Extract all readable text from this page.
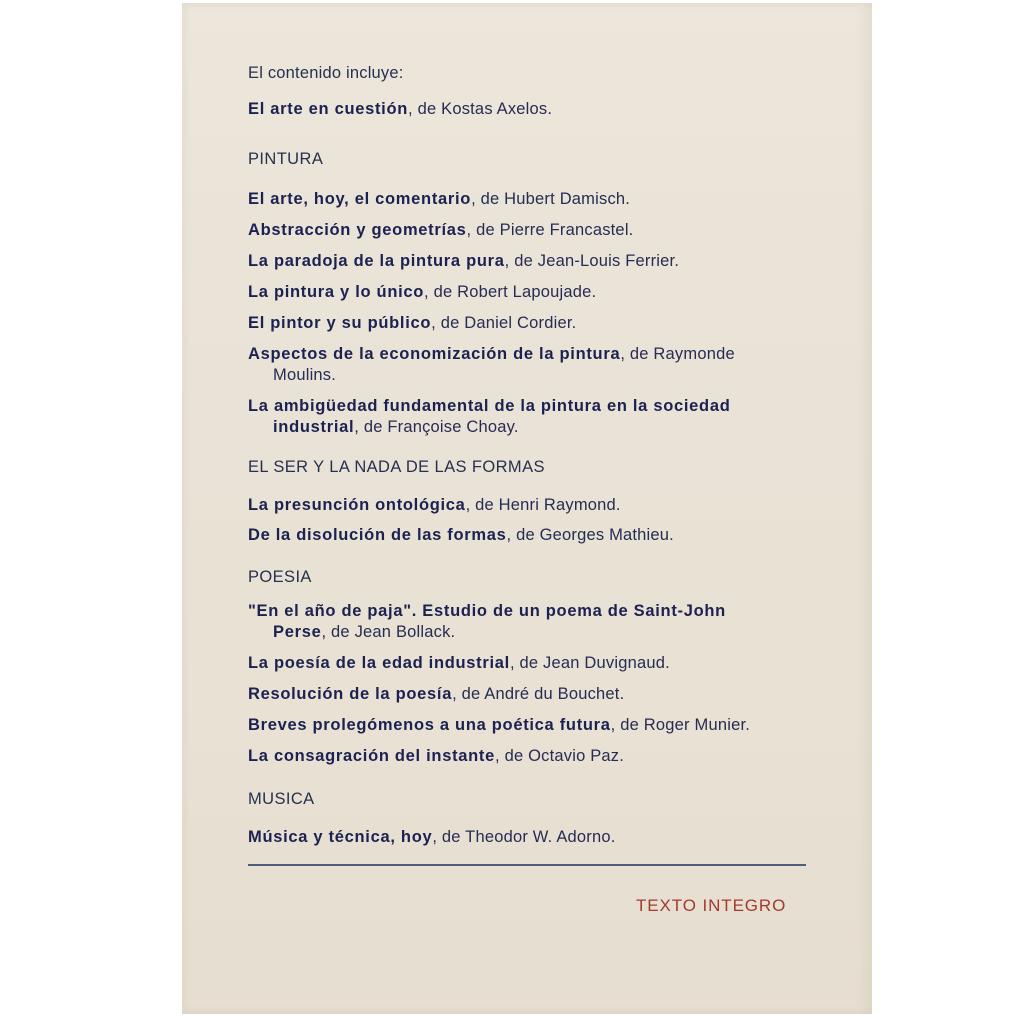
El contenido incluye:
El arte en cuestión, de Kostas Axelos.
PINTURA
El arte, hoy, el comentario, de Hubert Damisch.
Abstracción y geometrías, de Pierre Francastel.
La paradoja de la pintura pura, de Jean-Louis Ferrier.
La pintura y lo único, de Robert Lapoujade.
El pintor y su público, de Daniel Cordier.
Aspectos de la economización de la pintura, de Raymonde
Moulins.
La ambigüedad fundamental de la pintura en la sociedad
industrial, de Françoise Choay.
EL SER Y LA NADA DE LAS FORMAS
La presunción ontológica, de Henri Raymond.
De la disolución de las formas, de Georges Mathieu.
POESIA
"En el año de paja". Estudio de un poema de Saint-John
Perse, de Jean Bollack.
La poesía de la edad industrial, de Jean Duvignaud.
Resolución de la poesía, de André du Bouchet.
Breves prolegómenos a una poética futura, de Roger Munier.
La consagración del instante, de Octavio Paz.
MUSICA
Música y técnica, hoy, de Theodor W. Adorno.
TEXTO INTEGRO
